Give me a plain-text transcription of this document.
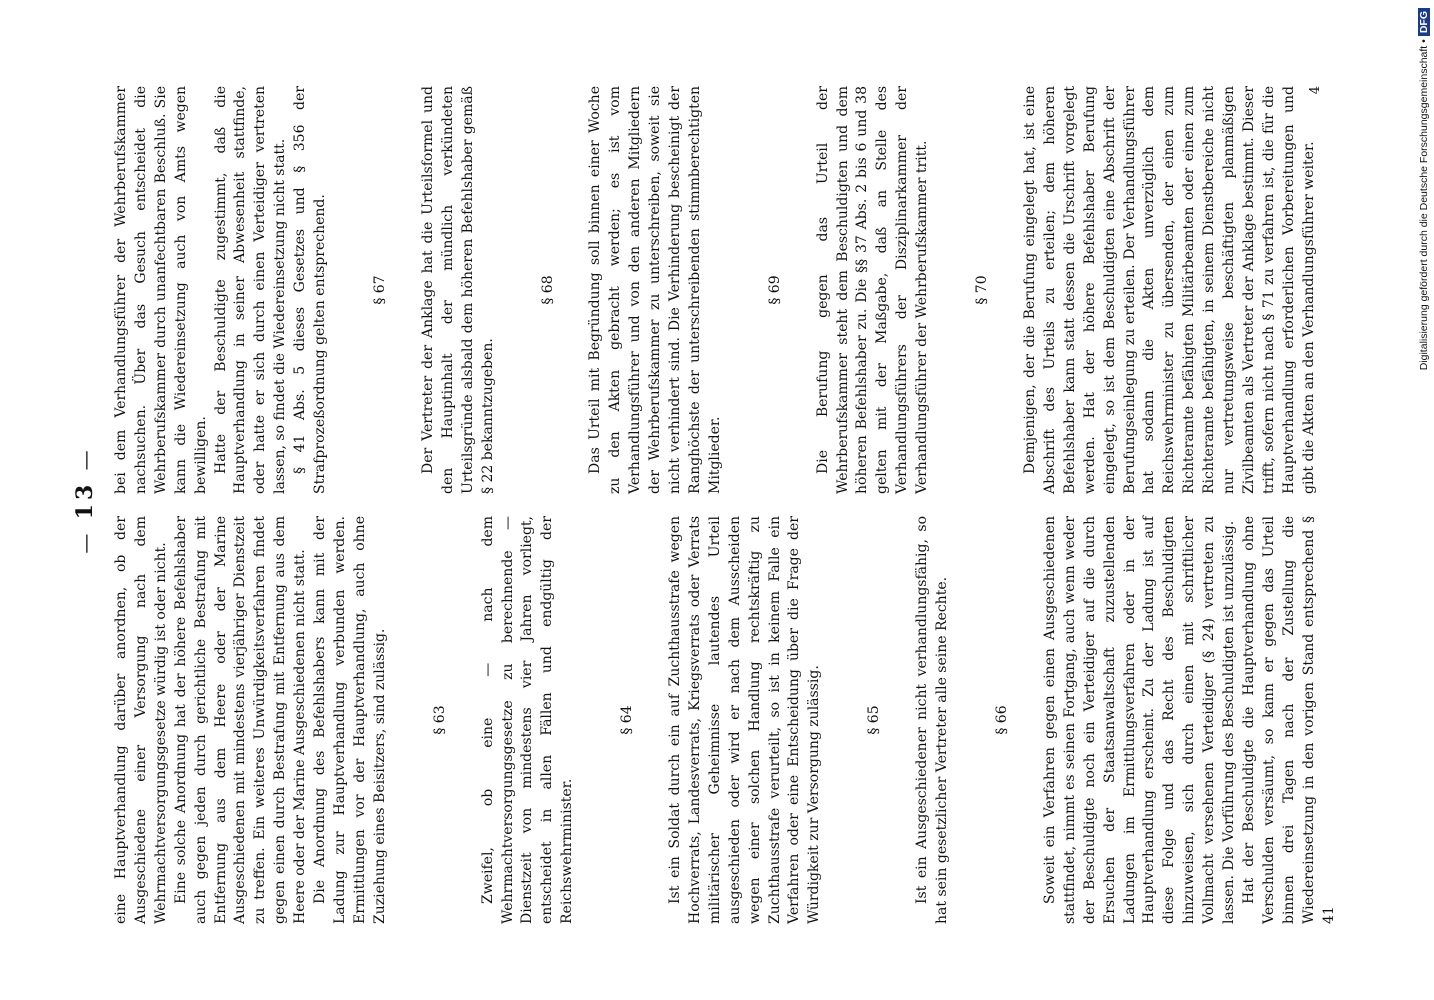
— 13 —

eine Hauptverhandlung darüber anordnen, ob der Ausgeschiedene einer Versorgung nach dem Wehrmachtversorgungsgesetze würdig ist oder nicht. Eine solche Anordnung hat der höhere Befehlshaber auch gegen jeden durch gerichtliche Bestrafung mit Entfernung aus dem Heere oder der Marine Ausgeschiedenen mit mindestens vierjähriger Dienstzeit zu treffen. Ein weiteres Unwürdigkeitsverfahren findet gegen einen durch Bestrafung mit Entfernung aus dem Heere oder der Marine Ausgeschiedenen nicht statt. Die Anordnung des Befehlshabers kann mit der Ladung zur Hauptverhandlung verbunden werden. Ermittlungen vor der Hauptverhandlung, auch ohne Zuziehung eines Beisitzers, sind zulässig.	§ 63 Zweifel, ob eine — nach dem Wehrmachtversorgungsgesetze zu berechnende — Dienstzeit von mindestens vier Jahren vorliegt, entscheidet in allen Fällen und endgültig der Reichswehrminister.

§ 64 Ist ein Soldat durch ein auf Zuchthausstrafe wegen Hochverrats, Landesverrats, Kriegsverrats oder Verrats militärischer Geheimnisse lautendes Urteil ausgeschieden oder wird er nach dem Ausscheiden wegen einer solchen Handlung rechtskräftig zu Zuchthausstrafe verurteilt, so ist in keinem Falle ein Verfahren oder eine Entscheidung über die Frage der Würdigkeit zur Versorgung zulässig.	§ 65 Ist ein Ausgeschiedener nicht verhandlungsfähig, so hat sein gesetzlicher Vertreter alle seine Rechte.	§ 66 Soweit ein Verfahren gegen einen Ausgeschiedenen stattfindet, nimmt es seinen Fortgang, auch wenn weder der Beschuldigte noch ein Verteidiger auf die durch Ersuchen der Staatsanwaltschaft zuzustellenden Ladungen im Ermittlungsverfahren oder in der Hauptverhandlung erscheint. Zu der Ladung ist auf diese Folge und das Recht des Beschuldigten hinzuweisen, sich durch einen mit schriftlicher Vollmacht versehenen Verteidiger (§ 24) vertreten zu lassen. Die Vorführung des Beschuldigten ist unzulässig. Hat der Beschuldigte die Hauptverhandlung ohne Verschulden versäumt, so kann er gegen das Urteil binnen drei Tagen nach der Zustellung die Wiedereinsetzung in den vorigen Stand entsprechend § 41

bei dem Verhandlungsführer der Wehrberufskammer nachsuchen. Über das Gesuch entscheidet die Wehrberufskammer durch unanfechtbaren Beschluß. Sie kann die Wiedereinsetzung auch von Amts wegen bewilligen. Hatte der Beschuldigte zugestimmt, daß die Hauptverhandlung in seiner Abwesenheit stattfinde, oder hatte er sich durch einen Verteidiger vertreten lassen, so findet die Wiedereinsetzung nicht statt. § 41 Abs. 5 dieses Gesetzes und § 356 der Strafprozeßordnung gelten entsprechend.	§ 67 Der Vertreter der Anklage hat die Urteilsformel und den Hauptinhalt der mündlich verkündeten Urteilsgründe alsbald dem höheren Befehlshaber gemäß § 22 bekanntzugeben.

§ 68 Das Urteil mit Begründung soll binnen einer Woche zu den Akten gebracht werden; es ist vom Verhandlungsführer und von den anderen Mitgliedern der Wehrberufskammer zu unterschreiben, soweit sie nicht verhindert sind. Die Verhinderung bescheinigt der Ranghöchste der unterschreibenden stimmberechtigten Mitglieder.

§ 69 Die Berufung gegen das Urteil der Wehrberufskammer steht dem Beschuldigten und dem höheren Befehlshaber zu. Die §§ 37 Abs. 2 bis 6 und 38 gelten mit der Maßgabe, daß an Stelle des Verhandlungsführers der Disziplinarkammer der Verhandlungsführer der Wehrberufskammer tritt.	§ 70 Demjenigen, der die Berufung eingelegt hat, ist eine Abschrift des Urteils zu erteilen; dem höheren Befehlshaber kann statt dessen die Urschrift vorgelegt werden. Hat der höhere Befehlshaber Berufung eingelegt, so ist dem Beschuldigten eine Abschrift der Berufungseinlegung zu erteilen. Der Verhandlungsführer hat sodann die Akten unverzüglich dem Reichswehrminister zu übersenden, der einen zum Richteramte befähigten Militärbeamten oder einen zum Richteramte befähigten, in seinem Dienstbereiche nicht nur vertretungsweise beschäftigten planmäßigen Zivilbeamten als Vertreter der Anklage bestimmt. Dieser trifft, sofern nicht nach § 71 zu verfahren ist, die für die Hauptverhandlung erforderlichen Vorbereitungen und gibt die Akten an den Verhandlungsführer weiter.

4	Digitalisierung gefördert durch die Deutsche Forschungsgemeinschaft •DFG
